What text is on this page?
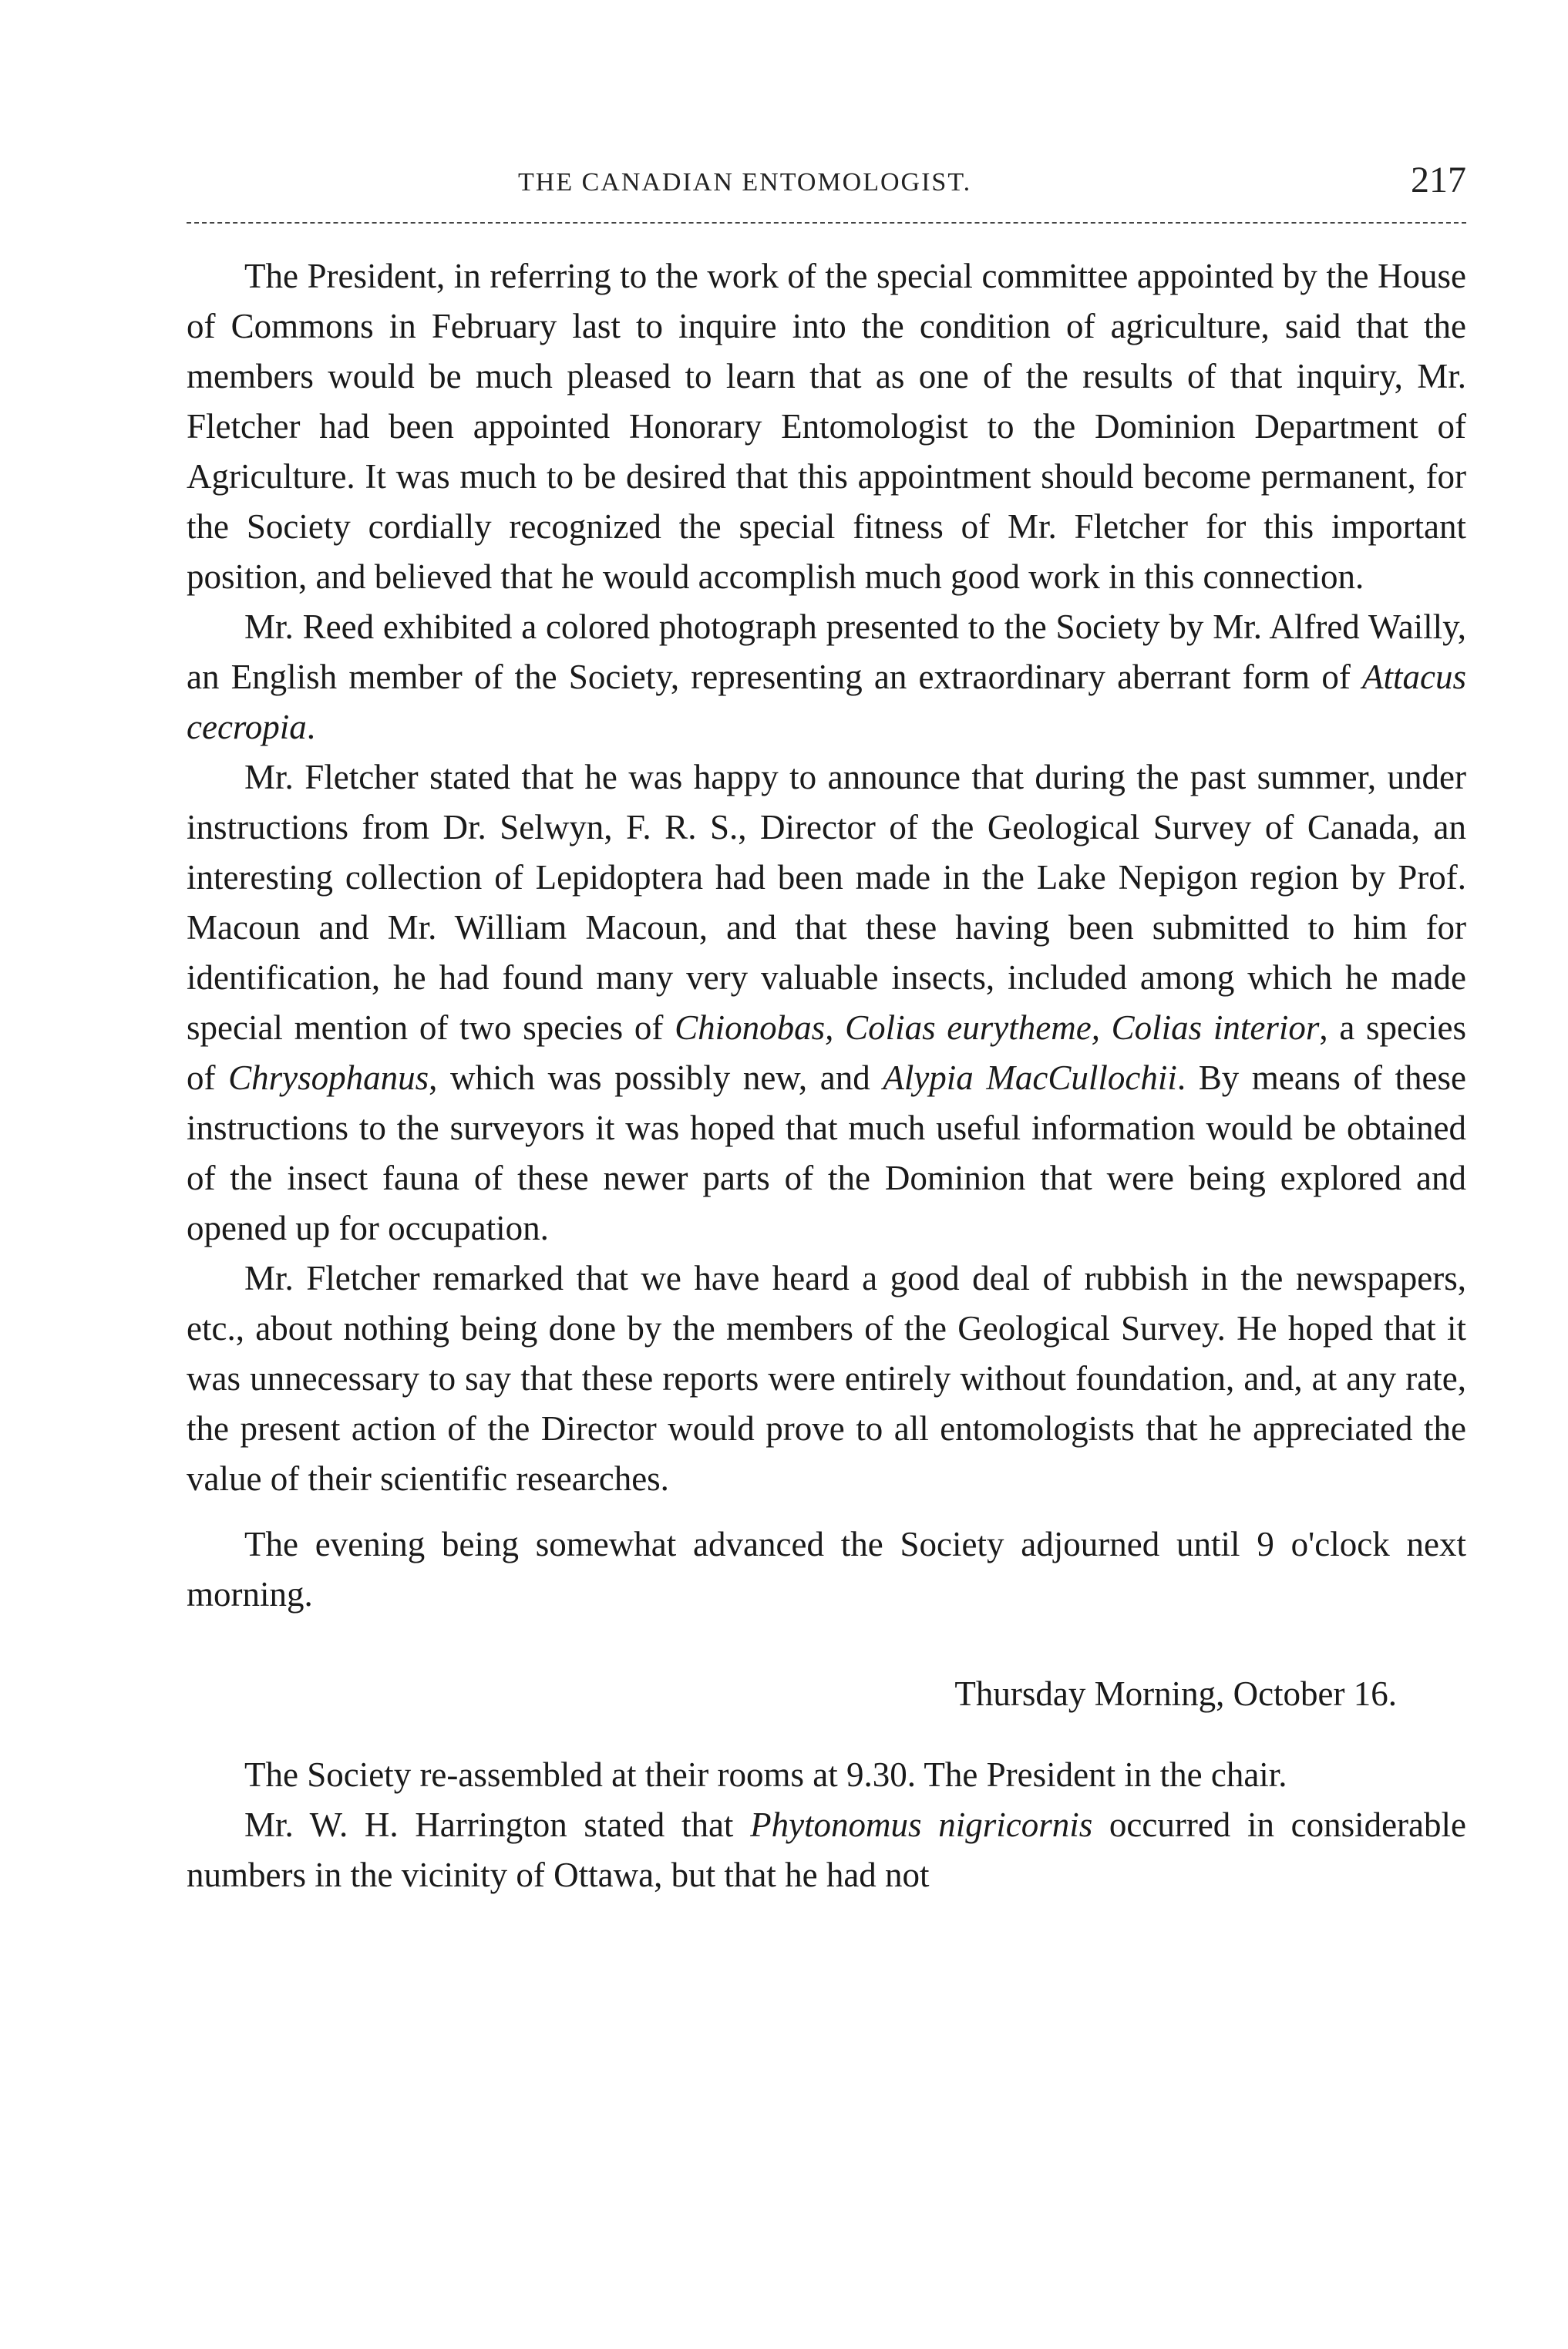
THE CANADIAN ENTOMOLOGIST.	217

The President, in referring to the work of the special committee appointed by the House of Commons in February last to inquire into the condition of agriculture, said that the members would be much pleased to learn that as one of the results of that inquiry, Mr. Fletcher had been appointed Honorary Entomologist to the Dominion Department of Agriculture. It was much to be desired that this appointment should become permanent, for the Society cordially recognized the special fitness of Mr. Fletcher for this important position, and believed that he would accomplish much good work in this connection.

Mr. Reed exhibited a colored photograph presented to the Society by Mr. Alfred Wailly, an English member of the Society, representing an extraordinary aberrant form of Attacus cecropia.

Mr. Fletcher stated that he was happy to announce that during the past summer, under instructions from Dr. Selwyn, F. R. S., Director of the Geological Survey of Canada, an interesting collection of Lepidoptera had been made in the Lake Nepigon region by Prof. Macoun and Mr. William Macoun, and that these having been submitted to him for identification, he had found many very valuable insects, included among which he made special mention of two species of Chionobas, Colias eurytheme, Colias interior, a species of Chrysophanus, which was possibly new, and Alypia MacCullochii. By means of these instructions to the surveyors it was hoped that much useful information would be obtained of the insect fauna of these newer parts of the Dominion that were being explored and opened up for occupation.

Mr. Fletcher remarked that we have heard a good deal of rubbish in the newspapers, etc., about nothing being done by the members of the Geological Survey. He hoped that it was unnecessary to say that these reports were entirely without foundation, and, at any rate, the present action of the Director would prove to all entomologists that he appreciated the value of their scientific researches.

The evening being somewhat advanced the Society adjourned until 9 o'clock next morning.

Thursday Morning, October 16.

The Society re-assembled at their rooms at 9.30. The President in the chair.

Mr. W. H. Harrington stated that Phytonomus nigricornis occurred in considerable numbers in the vicinity of Ottawa, but that he had not
